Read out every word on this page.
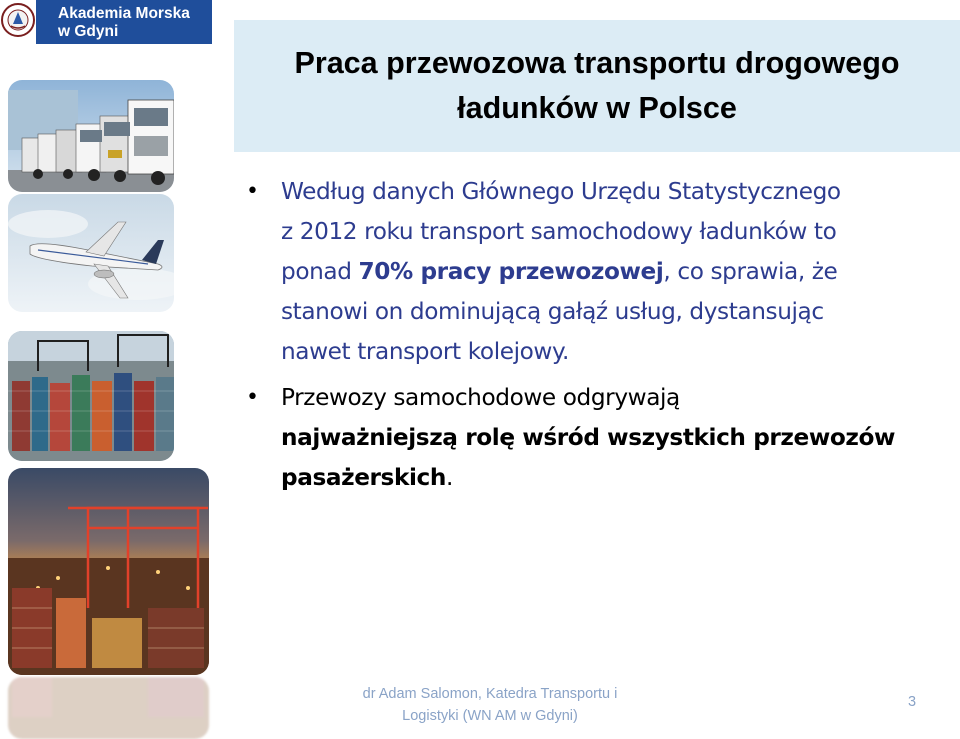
Akademia Morska
w Gdyni
Praca przewozowa transportu drogowego
ładunków w Polsce
• Według danych Głównego Urzędu Statystycznego
z 2012 roku transport samochodowy ładunków to
ponad 70% pracy przewozowej, co sprawia, że
stanowi on dominującą gałąź usług, dystansując
nawet transport kolejowy.
• Przewozy samochodowe odgrywają
najważniejszą rolę wśród wszystkich przewozów
pasażerskich.
dr Adam Salomon, Katedra Transportu i
Logistyki (WN AM w Gdyni)
3
